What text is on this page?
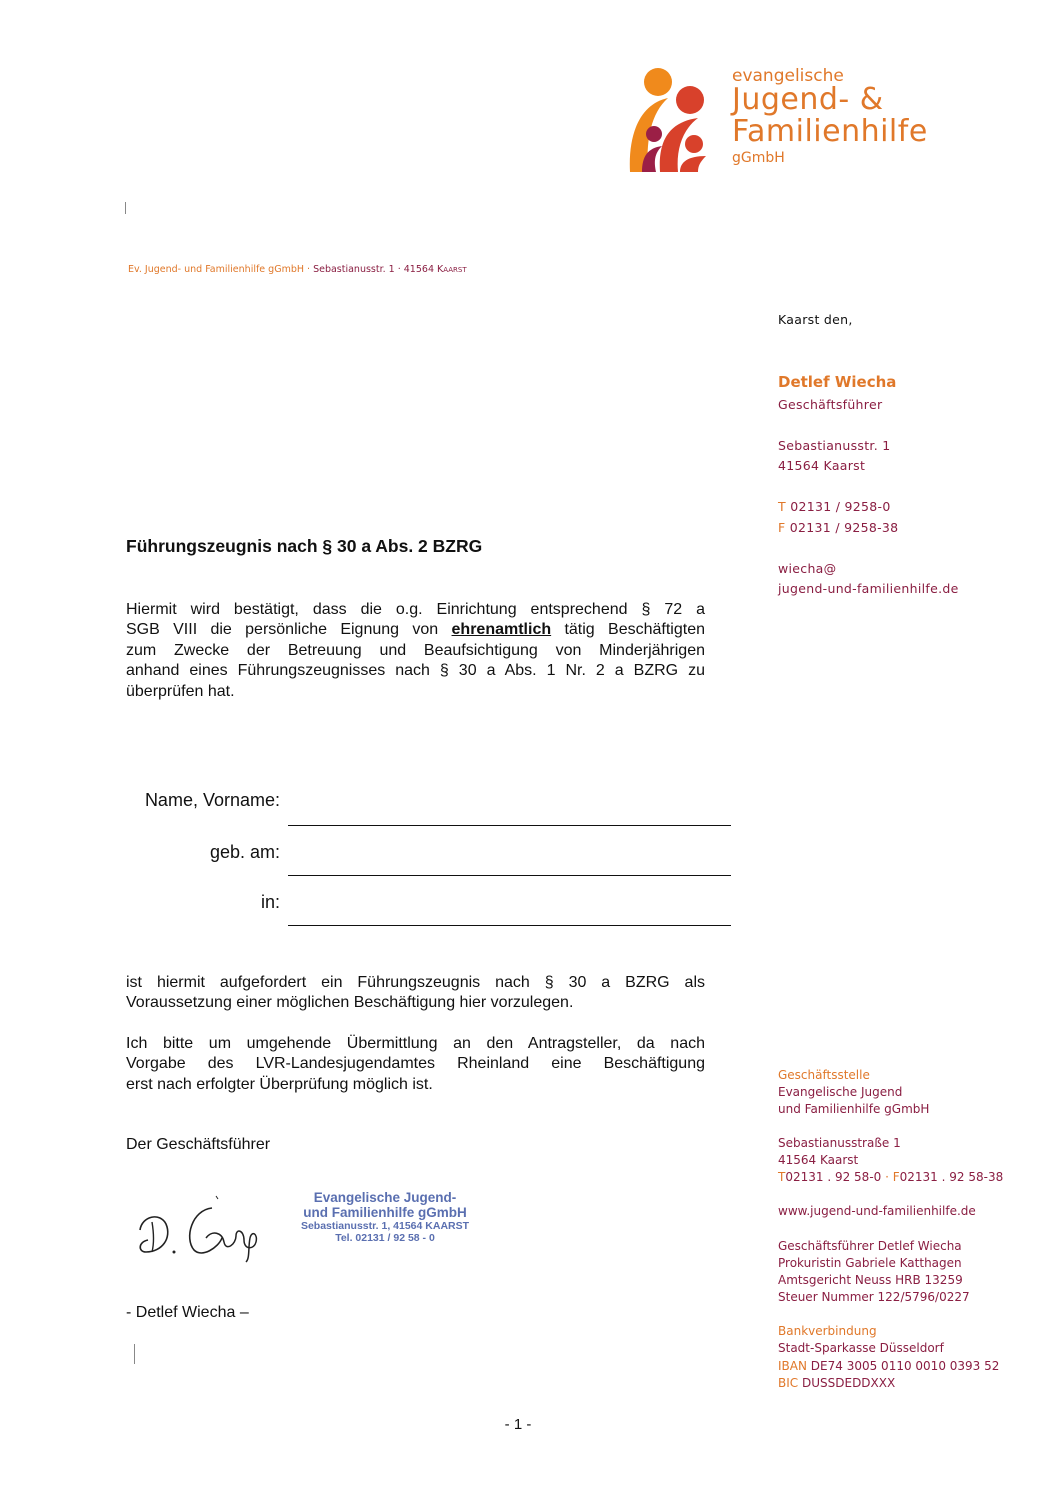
evangelische
Jugend- &
Familienhilfe
gGmbH
Ev. Jugend- und Familienhilfe gGmbH · Sebastianusstr. 1 · 41564 Kaarst
Kaarst den,
Detlef Wiecha
Geschäftsführer
Sebastianusstr. 1
41564 Kaarst
T 02131 / 9258-0
F 02131 / 9258-38
wiecha@
jugend-und-familienhilfe.de
Führungszeugnis nach § 30 a Abs. 2 BZRG
Hiermit wird bestätigt, dass die o.g. Einrichtung entsprechend § 72 a
SGB VIII die persönliche Eignung von ehrenamtlich tätig Beschäftigten
zum Zwecke der Betreuung und Beaufsichtigung von Minderjährigen
anhand eines Führungszeugnisses nach § 30 a Abs. 1 Nr. 2 a BZRG zu
überprüfen hat.
Name, Vorname:
geb. am:
in:
ist hiermit aufgefordert ein Führungszeugnis nach § 30 a BZRG als
Voraussetzung einer möglichen Beschäftigung hier vorzulegen.
Ich bitte um umgehende Übermittlung an den Antragsteller, da nach
Vorgabe des LVR-Landesjugendamtes Rheinland eine Beschäftigung
erst nach erfolgter Überprüfung möglich ist.
Der Geschäftsführer
Evangelische Jugend-
und Familienhilfe gGmbH
Sebastianusstr. 1, 41564 KAARST
Tel. 02131 / 92 58 - 0
- Detlef Wiecha –
Geschäftsstelle
Evangelische Jugend
und Familienhilfe gGmbH
Sebastianusstraße 1
41564 Kaarst
T02131 . 92 58-0 · F02131 . 92 58-38
www.jugend-und-familienhilfe.de
Geschäftsführer Detlef Wiecha
Prokuristin Gabriele Katthagen
Amtsgericht Neuss HRB 13259
Steuer Nummer 122/5796/0227
Bankverbindung
Stadt-Sparkasse Düsseldorf
IBAN DE74 3005 0110 0010 0393 52
BIC DUSSDEDDXXX
- 1 -
